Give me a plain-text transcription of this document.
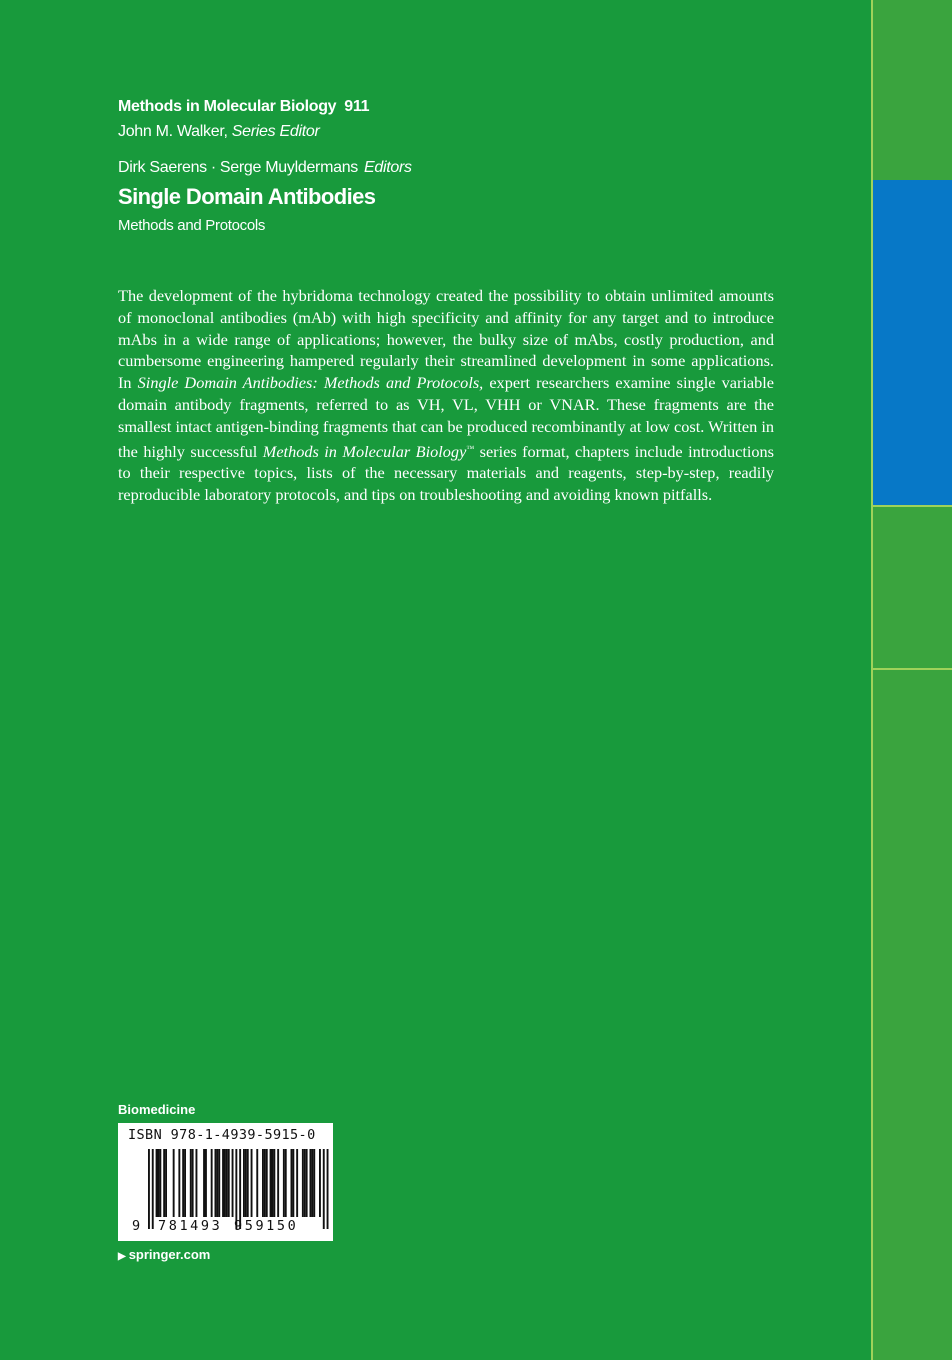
Methods in Molecular Biology 911
John M. Walker, Series Editor
Dirk Saerens · Serge Muyldermans Editors
Single Domain Antibodies
Methods and Protocols
The development of the hybridoma technology created the possibility to obtain unlimited amounts of monoclonal antibodies (mAb) with high specificity and affinity for any target and to introduce mAbs in a wide range of applications; however, the bulky size of mAbs, costly production, and cumbersome engineering hampered regularly their streamlined development in some applications. In Single Domain Antibodies: Methods and Protocols, expert researchers examine single variable domain antibody fragments, referred to as VH, VL, VHH or VNAR. These fragments are the smallest intact antigen-binding fragments that can be produced recombinantly at low cost. Written in the highly successful Methods in Molecular Biology™ series format, chapters include introductions to their respective topics, lists of the necessary materials and reagents, step-by-step, readily reproducible laboratory protocols, and tips on troubleshooting and avoiding known pitfalls.
Biomedicine
ISBN 978-1-4939-5915-0
9 781493 959150
▶ springer.com
